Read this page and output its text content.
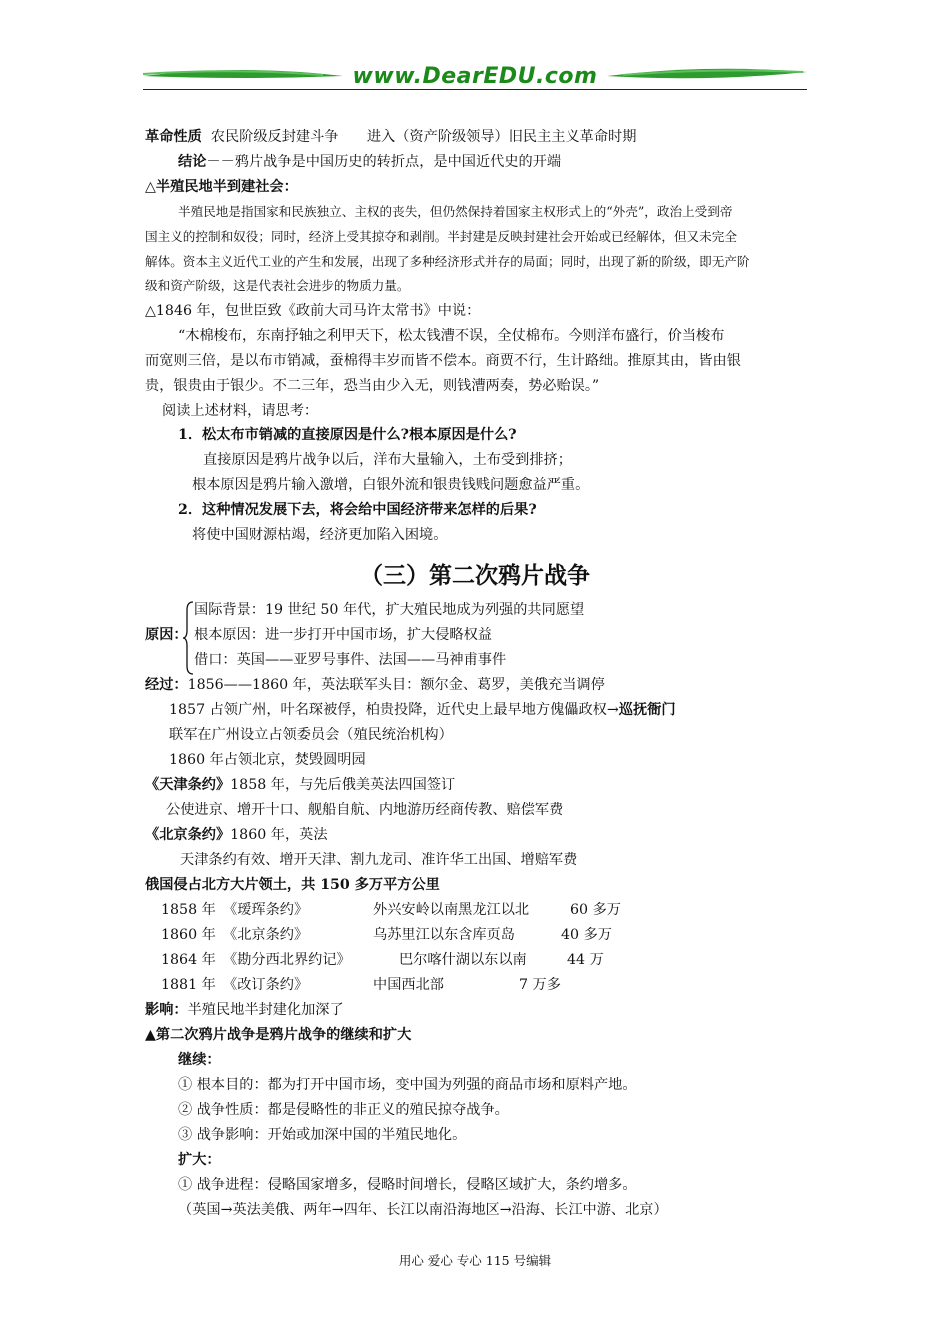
www.DearEDU.com
革命性质 农民阶级反封建斗争　　进入（资产阶级领导）旧民主主义革命时期
结论－－鸦片战争是中国历史的转折点，是中国近代史的开端
△半殖民地半到建社会：
半殖民地是指国家和民族独立、主权的丧失，但仍然保持着国家主权形式上的“外壳”，政治上受到帝
国主义的控制和奴役；同时，经济上受其掠夺和剥削。半封建是反映封建社会开始或已经解体，但又未完全
解体。资本主义近代工业的产生和发展，出现了多种经济形式并存的局面；同时，出现了新的阶级，即无产阶
级和资产阶级，这是代表社会进步的物质力量。
△1846 年，包世臣致《政前大司马许太常书》中说：
“木棉梭布，东南抒轴之利甲天下，松太钱漕不误，全仗棉布。今则洋布盛行，价当梭布
而宽则三倍，是以布市销减，蚕棉得丰岁而皆不偿本。商贾不行，生计路绌。推原其由，皆由银
贵，银贵由于银少。不二三年，恐当由少入无，则钱漕两奏，势必贻误。”
阅读上述材料，请思考：
1．松太布市销减的直接原因是什么?根本原因是什么?
直接原因是鸦片战争以后，洋布大量输入，土布受到排挤；
根本原因是鸦片输入激增，白银外流和银贵钱贱问题愈益严重。
2．这种情况发展下去，将会给中国经济带来怎样的后果?
将使中国财源枯竭，经济更加陷入困境。
（三）第二次鸦片战争
国际背景：19 世纪 50 年代，扩大殖民地成为列强的共同愿望
原因： 根本原因：进一步打开中国市场，扩大侵略权益
借口：英国——亚罗号事件、法国——马神甫事件
经过：1856——1860 年，英法联军头目：额尔金、葛罗，美俄充当调停
1857 占领广州，叶名琛被俘，柏贵投降，近代史上最早地方傀儡政权→巡抚衙门
联军在广州设立占领委员会（殖民统治机构）
1860 年占领北京，焚毁圆明园
《天津条约》1858 年，与先后俄美英法四国签订
公使进京、增开十口、舰船自航、内地游历经商传教、赔偿军费
《北京条约》1860 年，英法
天津条约有效、增开天津、割九龙司、准许华工出国、增赔军费
俄国侵占北方大片领土，共 150 多万平方公里
1858 年 《瑷珲条约》	外兴安岭以南黑龙江以北	60 多万
1860 年 《北京条约》	乌苏里江以东含库页岛	40 多万
1864 年 《勘分西北界约记》	巴尔喀什湖以东以南	44 万
1881 年 《改订条约》	中国西北部	7 万多
影响：半殖民地半封建化加深了
▲第二次鸦片战争是鸦片战争的继续和扩大
继续：
① 根本目的：都为打开中国市场，变中国为列强的商品市场和原料产地。
② 战争性质：都是侵略性的非正义的殖民掠夺战争。
③ 战争影响：开始或加深中国的半殖民地化。
扩大：
① 战争进程：侵略国家增多，侵略时间增长，侵略区域扩大，条约增多。
（英国→英法美俄、两年→四年、长江以南沿海地区→沿海、长江中游、北京）
用心 爱心 专心 115 号编辑
